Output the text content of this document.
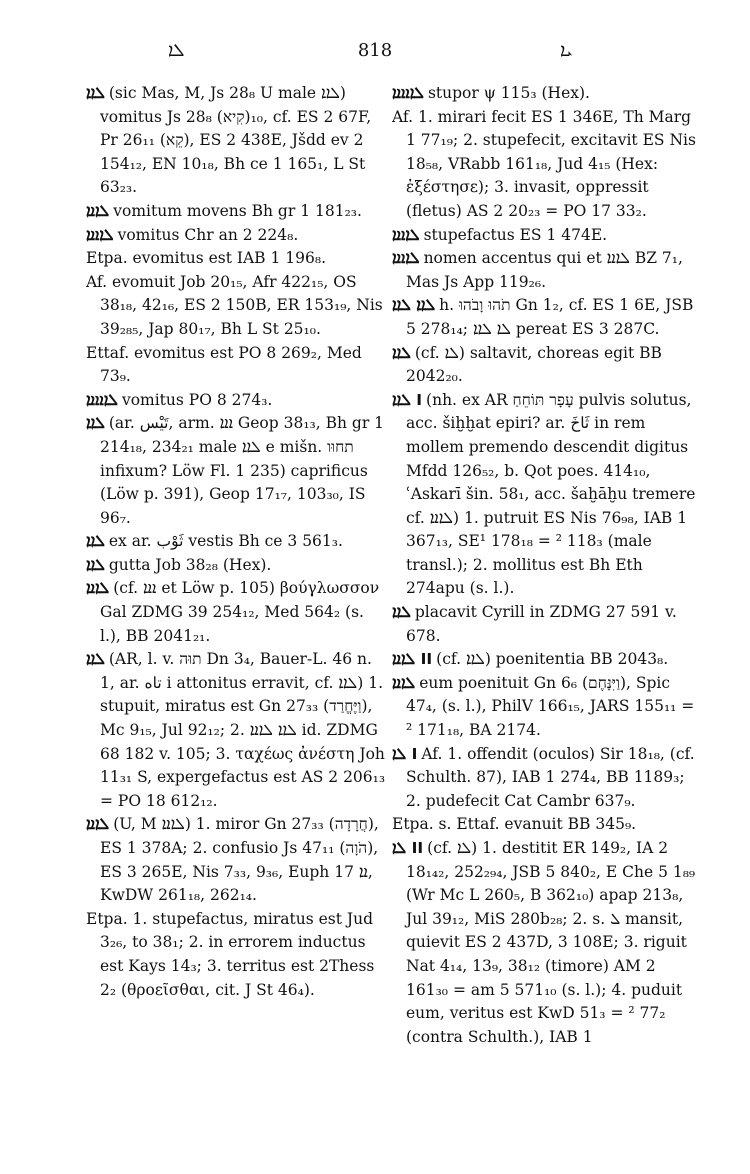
ܠܐ	818	ܝܐ

ܠܐܐ (sic Mas, M, Js 28₈ U male ܠܐܐ) vomitus Js 28₈ (קִיא)₁₀, cf. ES 2 67F, Pr 26₁₁ (קֵא), ES 2 438E, Jšdd ev 2 154₁₂, EN 10₁₈, Bh ce 1 165₁, L St 63₂₃.

ܠܐܐܐ vomitum movens Bh gr 1 181₂₃.

ܠܐܐܐܐ vomitus Chr an 2 224₈.

Etpa. evomitus est IAB 1 196₈.

Af. evomuit Job 20₁₅, Afr 422₁₅, OS 38₁₈, 42₁₆, ES 2 150B, ER 153₁₉, Nis 39₂₈₅, Jap 80₁₇, Bh L St 25₁₀.

Ettaf. evomitus est PO 8 269₂, Med 73₉.

ܠܐܐܐܐܐ vomitus PO 8 274₃.

ܠܐܐ (ar. تَيْس, arm. ܐܐܐ Geop 38₁₃, Bh gr 1 214₁₈, 234₂₁ male ܠܐܐ e mišn. תחוּו infixum? Löw Fl. 1 235) caprificus (Löw p. 391), Geop 17₁₇, 103₃₀, IS 96₇.

ܠܐܐ ex ar. ثَوْب vestis Bh ce 3 561₃.

ܠܐܐ gutta Job 38₂₈ (Hex).

ܠܐܐܐ (cf. ܐܐܐ et Löw p. 105) βούγλωσσον Gal ZDMG 39 254₁₂, Med 564₂ (s. l.), BB 2041₂₁.

ܠܐܐ (AR, l. v. תוּה Dn 3₄, Bauer-L. 46 n. 1, ar. تاه i attonitus erravit, cf. ܠܐܐ) 1. stupuit, miratus est Gn 27₃₃ (וַיֶּחֱרַד), Mc 9₁₅, Jul 92₁₂; 2. ܠܐܐ ܠܐܐܐ id. ZDMG 68 182 v. 105; 3. ταχέως ἀνέστη Joh 11₃₁ S, expergefactus est AS 2 206₁₃ = PO 18 612₁₂.

ܠܐܐܐ (U, M ܠܐܐܐ) 1. miror Gn 27₃₃ (חֲרָדָה), ES 1 378A; 2. confusio Js 47₁₁ (הֹוָה), ES 3 265E, Nis 7₃₃, 9₃₆, Euph ܐܐ 17, KwDW 261₁₈, 262₁₄.

Etpa. 1. stupefactus, miratus est Jud 3₂₆, to 38₁; 2. in errorem inductus est Kays 14₃; 3. territus est 2Thess 2₂ (θροεῖσθαι, cit. J St 46₄).

ܠܐܐܐܐܐ stupor ψ 115₃ (Hex).

Af. 1. mirari fecit ES 1 346E, Th Marg 1 77₁₉; 2. stupefecit, excitavit ES Nis 18₅₈, VRabb 161₁₈, Jud 4₁₅ (Hex: ἐξέστησε); 3. invasit, oppressit (fletus) AS 2 20₂₃ = PO 17 33₂.

ܠܐܐܐܐ stupefactus ES 1 474E.

ܠܐܐܐܐ nomen accentus qui et ܠܐܐܐ BZ 7₁, Mas Js App 119₂₆.

ܠܐܐ ܠܐܐ h. תֹהוּ וָבֹהוּ Gn 1₂, cf. ES 1 6E, JSB 5 278₁₄; ܠܐ ܠܐܐ pereat ES 3 287C.

ܠܐܐ (cf. ܠܐ) saltavit, choreas egit BB 2042₂₀.

I ܠܐܐ (nh. ex AR עָפָר תּוֹחֵחַ pulvis solutus, acc. šiḫḫat epiri? ar. ثَاخَ in rem mollem premendo descendit digitus Mfdd 126₅₂, b. Qot poes. 414₁₀, ʿAskarī šin. 58₁, acc. šaḫāḫu tremere cf. ܠܐܐܐ) 1. putruit ES Nis 76₉₈, IAB 1 367₁₃, SE¹ 178₁₈ = ² 118₃ (male transl.); 2. mollitus est Bh Eth 274apu (s. l.).

ܠܐܐ placavit Cyrill in ZDMG 27 591 v. 678.

II ܠܐܐܐ (cf. ܠܐܐ) poenitentia BB 2043₈.

ܠܐܐܐ eum poenituit Gn 6₆ (וַיִּנָּחֶם), Spic 47₄, (s. l.), PhilV 166₁₅, JARS 155₁₁ = ² 171₁₈, BA 2174.

I ܠܐ Af. 1. offendit (oculos) Sir 18₁₈, (cf. Schulth. 87), IAB 1 274₄, BB 1189₃; 2. pudefecit Cat Cambr 637₉.

Etpa. s. Ettaf. evanuit BB 345₉.

II ܠܐ (cf. ܠܐ) 1. destitit ER 149₂, IA 2 18₁₄₂, 252₂₉₄, JSB 5 840₂, E Che 5 1₈₉ (Wr Mc L 260₅, B 362₁₀) apap 213₈, Jul 39₁₂, MiS 280b₂₈; 2. s. ܠ mansit, quievit ES 2 437D, 3 108E; 3. riguit Nat 4₁₄, 13₉, 38₁₂ (timore) AM 2 161₃₀ = am 5 571₁₀ (s. l.); 4. puduit eum, veritus est KwD 51₃ = ² 77₂ (contra Schulth.), IAB 1
